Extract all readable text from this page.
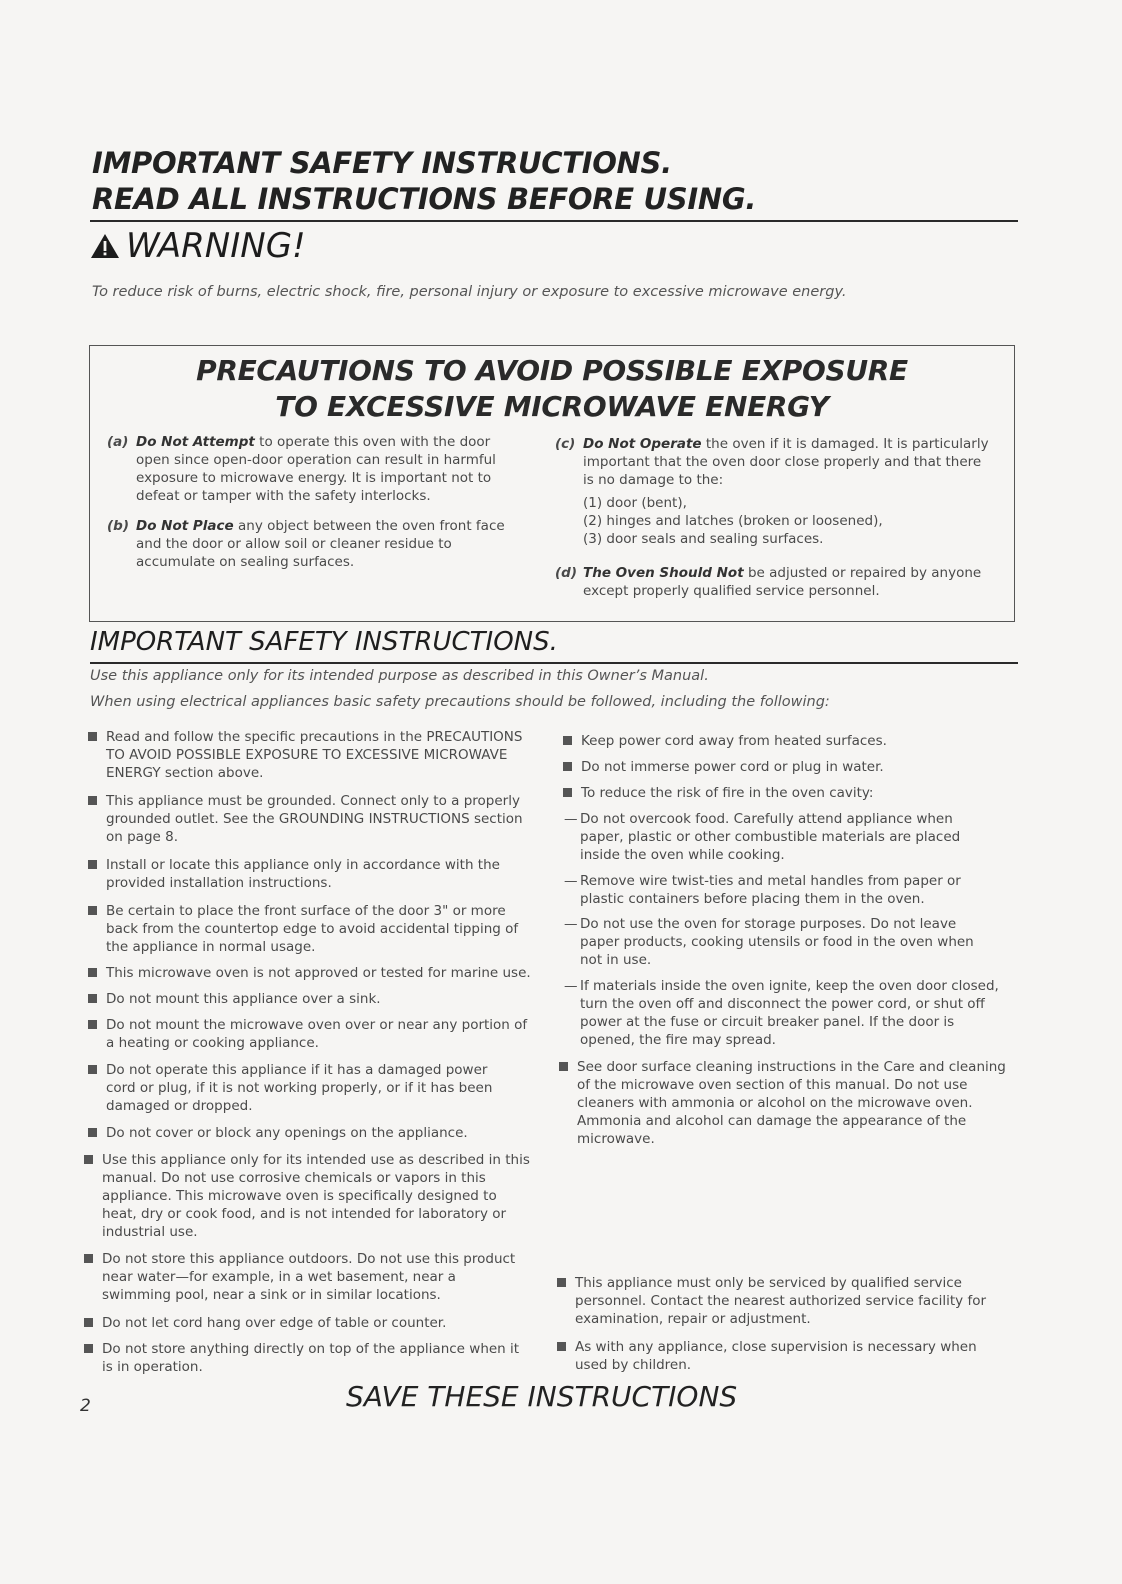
IMPORTANT SAFETY INSTRUCTIONS.
READ ALL INSTRUCTIONS BEFORE USING.
WARNING!
To reduce risk of burns, electric shock, fire, personal injury or exposure to excessive microwave energy.
PRECAUTIONS TO AVOID POSSIBLE EXPOSURE
TO EXCESSIVE MICROWAVE ENERGY
(a) Do Not Attempt to operate this oven with the door open since open-door operation can result in harmful exposure to microwave energy. It is important not to defeat or tamper with the safety interlocks.
(b) Do Not Place any object between the oven front face and the door or allow soil or cleaner residue to accumulate on sealing surfaces.
(c) Do Not Operate the oven if it is damaged. It is particularly important that the oven door close properly and that there is no damage to the:
(1) door (bent),
(2) hinges and latches (broken or loosened),
(3) door seals and sealing surfaces.
(d) The Oven Should Not be adjusted or repaired by anyone except properly qualified service personnel.
IMPORTANT SAFETY INSTRUCTIONS.
Use this appliance only for its intended purpose as described in this Owner’s Manual.
When using electrical appliances basic safety precautions should be followed, including the following:
Read and follow the specific precautions in the PRECAUTIONS TO AVOID POSSIBLE EXPOSURE TO EXCESSIVE MICROWAVE ENERGY section above.
This appliance must be grounded. Connect only to a properly grounded outlet. See the GROUNDING INSTRUCTIONS section on page 8.
Install or locate this appliance only in accordance with the provided installation instructions.
Be certain to place the front surface of the door 3" or more back from the countertop edge to avoid accidental tipping of the appliance in normal usage.
This microwave oven is not approved or tested for marine use.
Do not mount this appliance over a sink.
Do not mount the microwave oven over or near any portion of a heating or cooking appliance.
Do not operate this appliance if it has a damaged power cord or plug, if it is not working properly, or if it has been damaged or dropped.
Do not cover or block any openings on the appliance.
Use this appliance only for its intended use as described in this manual. Do not use corrosive chemicals or vapors in this appliance. This microwave oven is specifically designed to heat, dry or cook food, and is not intended for laboratory or industrial use.
Do not store this appliance outdoors. Do not use this product near water—for example, in a wet basement, near a swimming pool, near a sink or in similar locations.
Do not let cord hang over edge of table or counter.
Do not store anything directly on top of the appliance when it is in operation.
Keep power cord away from heated surfaces.
Do not immerse power cord or plug in water.
To reduce the risk of fire in the oven cavity:
— Do not overcook food. Carefully attend appliance when paper, plastic or other combustible materials are placed inside the oven while cooking.
— Remove wire twist-ties and metal handles from paper or plastic containers before placing them in the oven.
— Do not use the oven for storage purposes. Do not leave paper products, cooking utensils or food in the oven when not in use.
— If materials inside the oven ignite, keep the oven door closed, turn the oven off and disconnect the power cord, or shut off power at the fuse or circuit breaker panel. If the door is opened, the fire may spread.
See door surface cleaning instructions in the Care and cleaning of the microwave oven section of this manual. Do not use cleaners with ammonia or alcohol on the microwave oven. Ammonia and alcohol can damage the appearance of the microwave.
This appliance must only be serviced by qualified service personnel. Contact the nearest authorized service facility for examination, repair or adjustment.
As with any appliance, close supervision is necessary when used by children.
SAVE THESE INSTRUCTIONS
2
